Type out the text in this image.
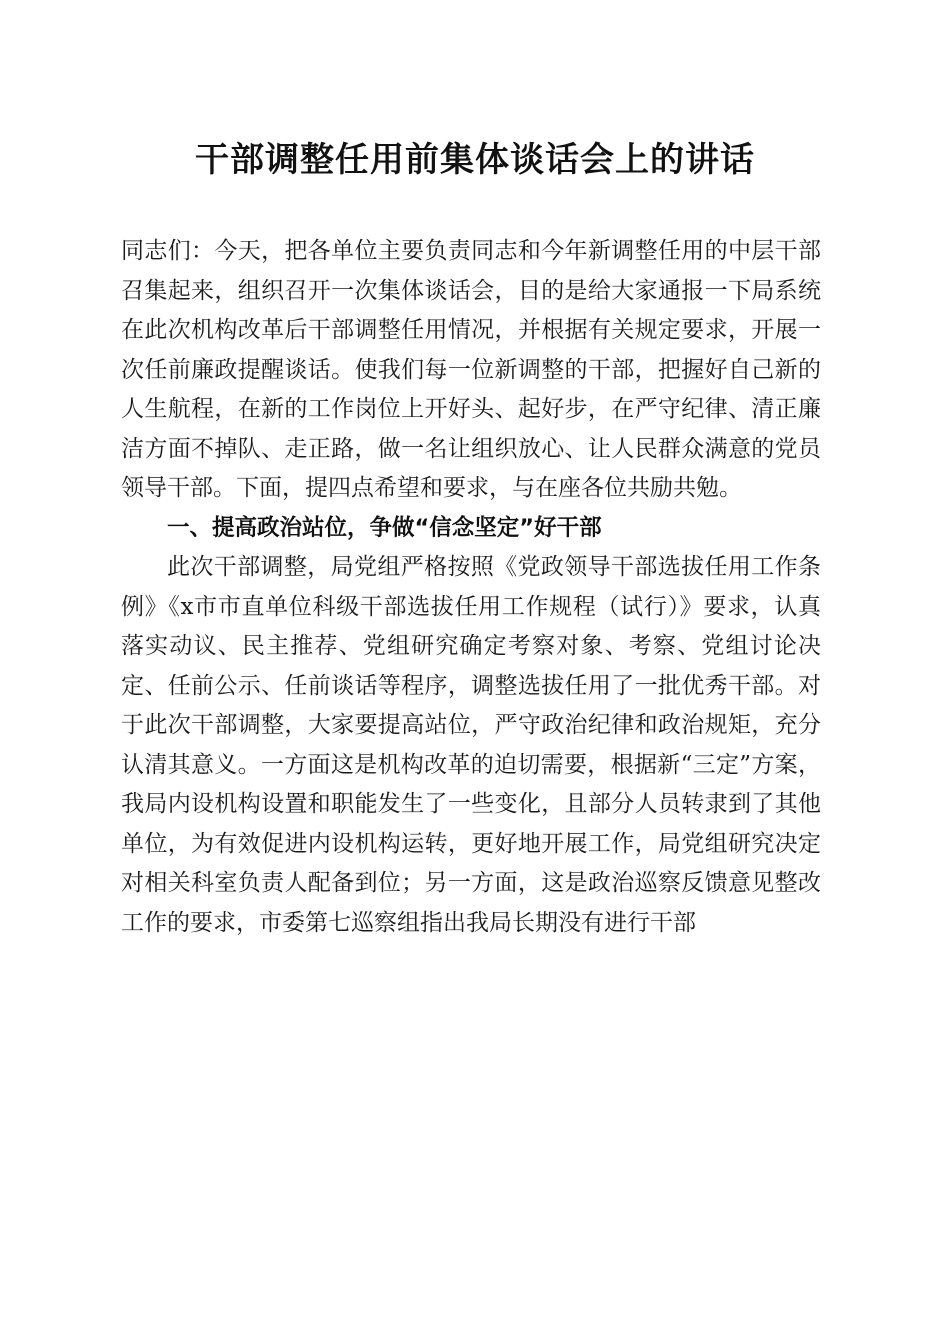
干部调整任用前集体谈话会上的讲话

同志们：今天，把各单位主要负责同志和今年新调整任用的中层干部召集起来，组织召开一次集体谈话会，目的是给大家通报一下局系统在此次机构改革后干部调整任用情况，并根据有关规定要求，开展一次任前廉政提醒谈话。使我们每一位新调整的干部，把握好自己新的人生航程，在新的工作岗位上开好头、起好步，在严守纪律、清正廉洁方面不掉队、走正路，做一名让组织放心、让人民群众满意的党员领导干部。下面，提四点希望和要求，与在座各位共励共勉。

一、提高政治站位，争做“信念坚定”好干部

此次干部调整，局党组严格按照《党政领导干部选拔任用工作条例》《x市市直单位科级干部选拔任用工作规程（试行）》要求，认真落实动议、民主推荐、党组研究确定考察对象、考察、党组讨论决定、任前公示、任前谈话等程序，调整选拔任用了一批优秀干部。对于此次干部调整，大家要提高站位，严守政治纪律和政治规矩，充分认清其意义。一方面这是机构改革的迫切需要，根据新“三定”方案，我局内设机构设置和职能发生了一些变化，且部分人员转隶到了其他单位，为有效促进内设机构运转，更好地开展工作，局党组研究决定对相关科室负责人配备到位；另一方面，这是政治巡察反馈意见整改工作的要求，市委第七巡察组指出我局长期没有进行干部
